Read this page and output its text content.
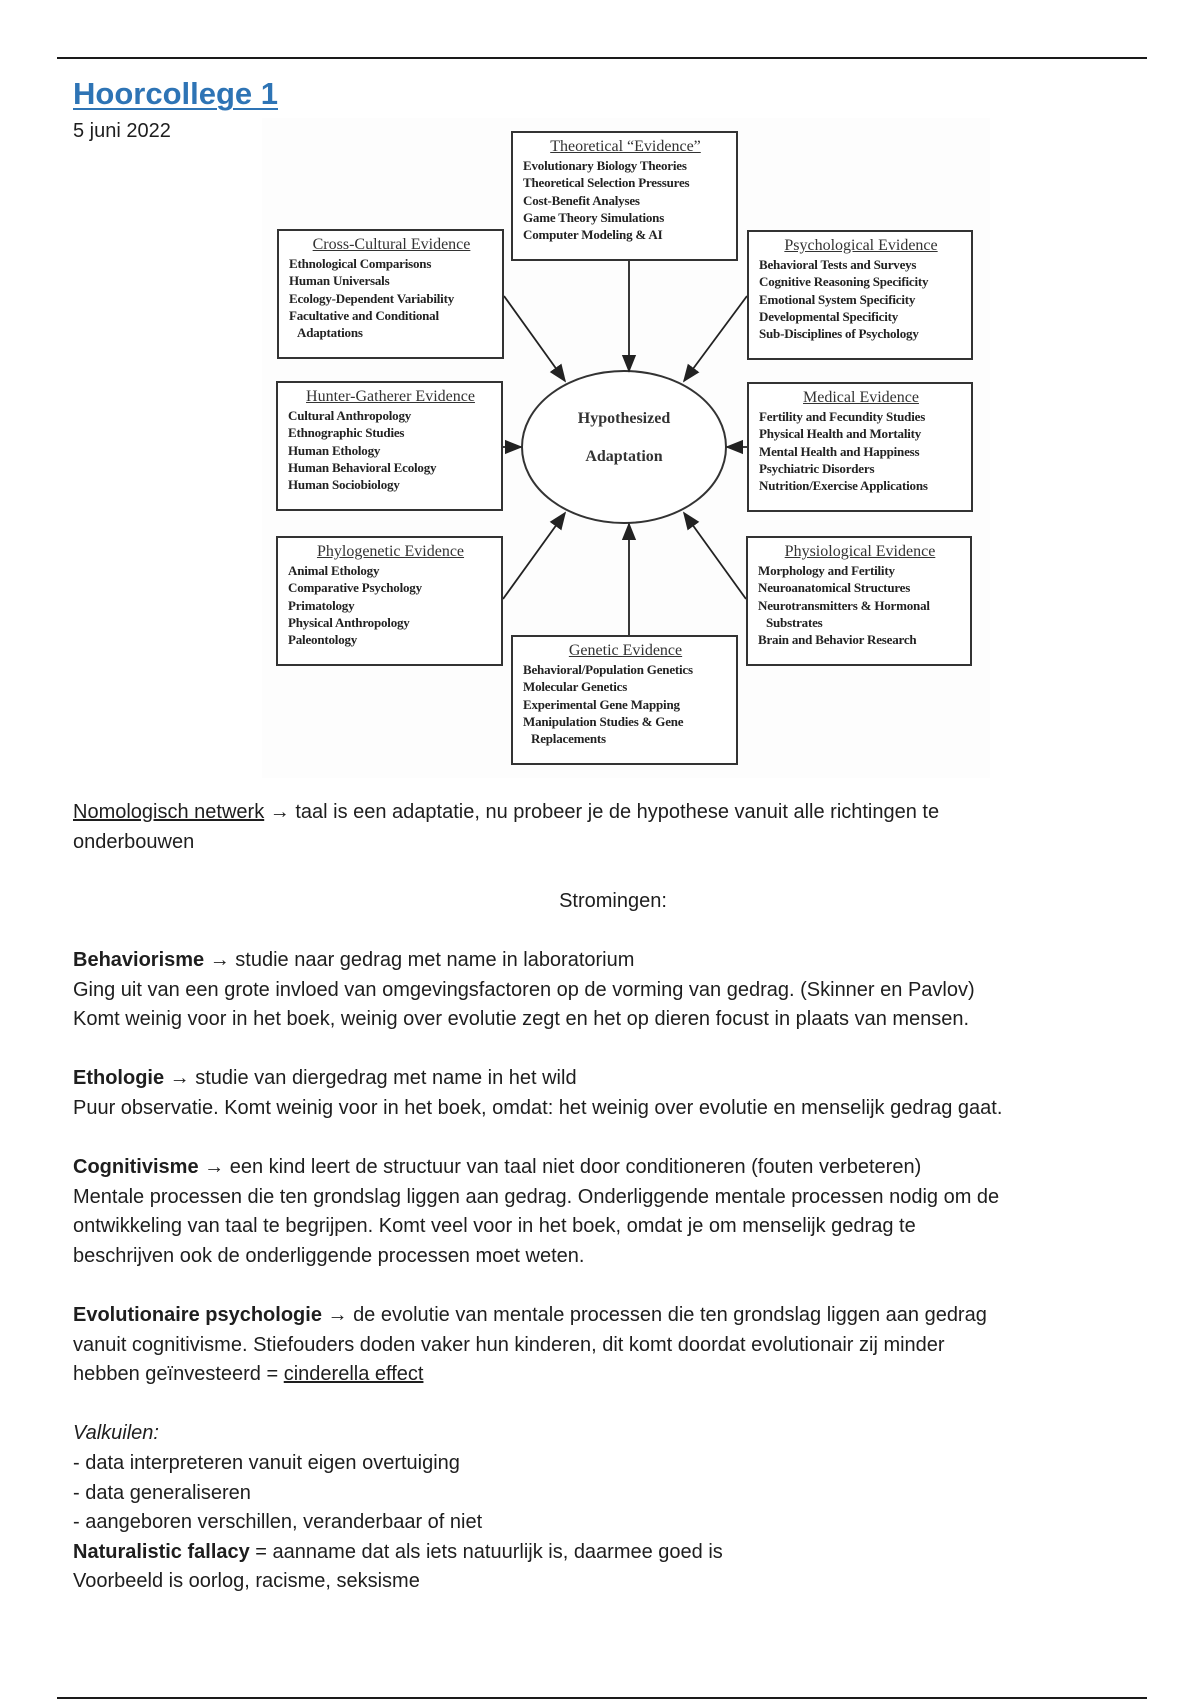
Hoorcollege 1
5 juni 2022
Hypothesized
Adaptation
Theoretical “Evidence”
Evolutionary Biology Theories
Theoretical Selection Pressures
Cost-Benefit Analyses
Game Theory Simulations
Computer Modeling & AI
Cross-Cultural Evidence
Ethnological Comparisons
Human Universals
Ecology-Dependent Variability
Facultative and Conditional
Adaptations
Psychological Evidence
Behavioral Tests and Surveys
Cognitive Reasoning Specificity
Emotional System Specificity
Developmental Specificity
Sub-Disciplines of Psychology
Hunter-Gatherer Evidence
Cultural Anthropology
Ethnographic Studies
Human Ethology
Human Behavioral Ecology
Human Sociobiology
Medical Evidence
Fertility and Fecundity Studies
Physical Health and Mortality
Mental Health and Happiness
Psychiatric Disorders
Nutrition/Exercise Applications
Phylogenetic Evidence
Animal Ethology
Comparative Psychology
Primatology
Physical Anthropology
Paleontology
Physiological Evidence
Morphology and Fertility
Neuroanatomical Structures
Neurotransmitters & Hormonal
Substrates
Brain and Behavior Research
Genetic Evidence
Behavioral/Population Genetics
Molecular Genetics
Experimental Gene Mapping
Manipulation Studies & Gene
Replacements
Nomologisch netwerk → taal is een adaptatie, nu probeer je de hypothese vanuit alle richtingen te
onderbouwen
Stromingen:
Behaviorisme → studie naar gedrag met name in laboratorium
Ging uit van een grote invloed van omgevingsfactoren op de vorming van gedrag. (Skinner en Pavlov)
Komt weinig voor in het boek, weinig over evolutie zegt en het op dieren focust in plaats van mensen.
Ethologie → studie van diergedrag met name in het wild
Puur observatie. Komt weinig voor in het boek, omdat: het weinig over evolutie en menselijk gedrag gaat.
Cognitivisme → een kind leert de structuur van taal niet door conditioneren (fouten verbeteren)
Mentale processen die ten grondslag liggen aan gedrag. Onderliggende mentale processen nodig om de
ontwikkeling van taal te begrijpen. Komt veel voor in het boek, omdat je om menselijk gedrag te
beschrijven ook de onderliggende processen moet weten.
Evolutionaire psychologie → de evolutie van mentale processen die ten grondslag liggen aan gedrag
vanuit cognitivisme. Stiefouders doden vaker hun kinderen, dit komt doordat evolutionair zij minder
hebben geïnvesteerd = cinderella effect
Valkuilen:
- data interpreteren vanuit eigen overtuiging
- data generaliseren
- aangeboren verschillen, veranderbaar of niet
Naturalistic fallacy = aanname dat als iets natuurlijk is, daarmee goed is
Voorbeeld is oorlog, racisme, seksisme
